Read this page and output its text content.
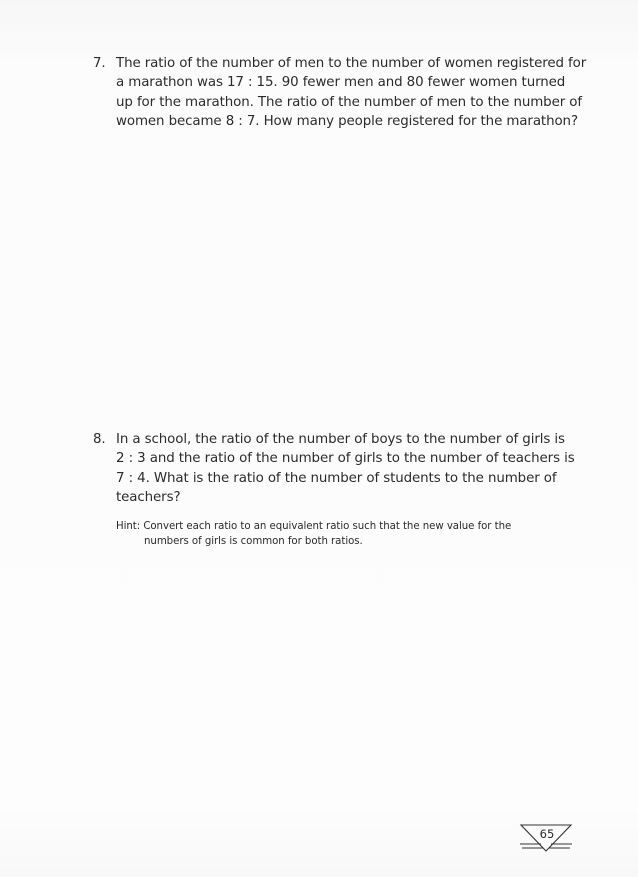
7. The ratio of the number of men to the number of women registered for
a marathon was 17 : 15. 90 fewer men and 80 fewer women turned
up for the marathon. The ratio of the number of men to the number of
women became 8 : 7. How many people registered for the marathon?
8. In a school, the ratio of the number of boys to the number of girls is
2 : 3 and the ratio of the number of girls to the number of teachers is
7 : 4. What is the ratio of the number of students to the number of
teachers?
Hint: Convert each ratio to an equivalent ratio such that the new value for the
numbers of girls is common for both ratios.
65
